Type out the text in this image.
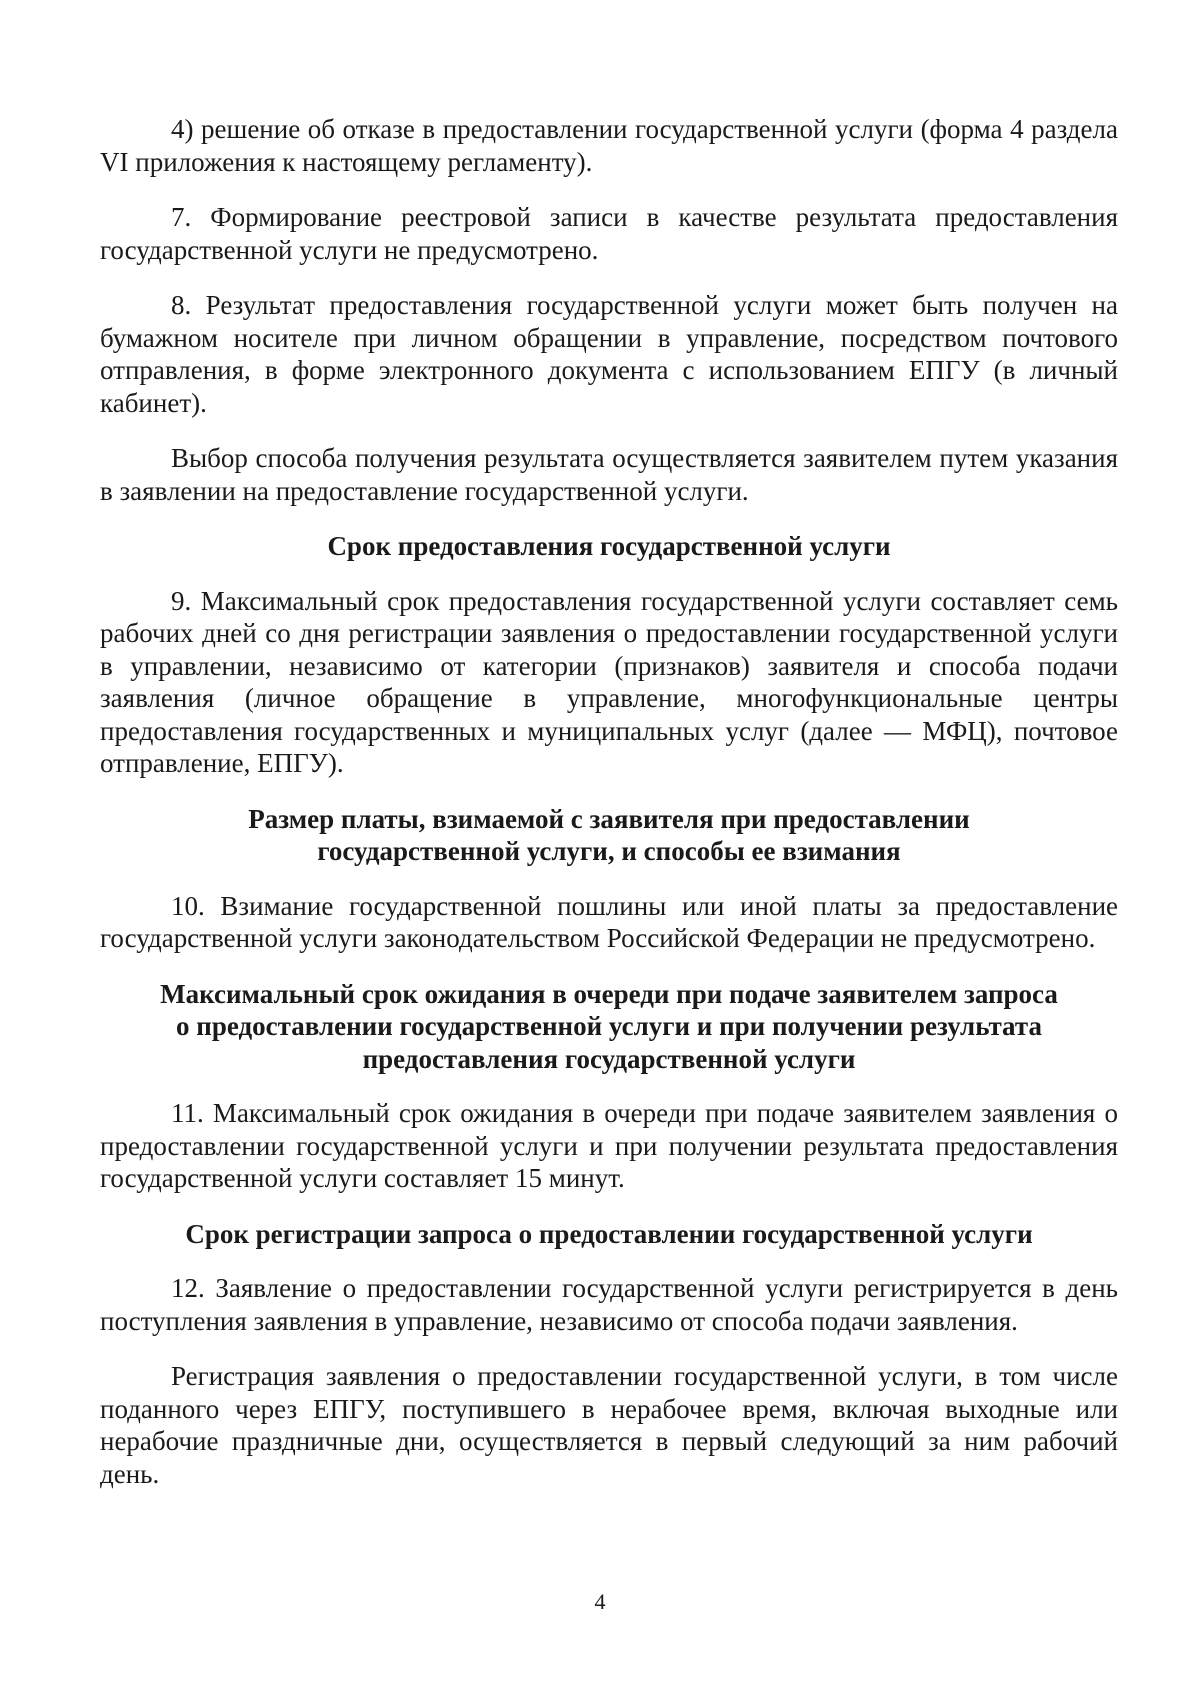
4) решение об отказе в предоставлении государственной услуги (форма 4 раздела VI приложения к настоящему регламенту).

7. Формирование реестровой записи в качестве результата предоставления государственной услуги не предусмотрено.

8. Результат предоставления государственной услуги может быть получен на бумажном носителе при личном обращении в управление, посредством почтового отправления, в форме электронного документа с использованием ЕПГУ (в личный кабинет).

Выбор способа получения результата осуществляется заявителем путем указания в заявлении на предоставление государственной услуги.

Срок предоставления государственной услуги

9. Максимальный срок предоставления государственной услуги составляет семь рабочих дней со дня регистрации заявления о предоставлении государственной услуги в управлении, независимо от категории (признаков) заявителя и способа подачи заявления (личное обращение в управление, многофункциональные центры предоставления государственных и муниципальных услуг (далее — МФЦ), почтовое отправление, ЕПГУ).

Размер платы, взимаемой с заявителя при предоставлении
государственной услуги, и способы ее взимания

10. Взимание государственной пошлины или иной платы за предоставление государственной услуги законодательством Российской Федерации не предусмотрено.

Максимальный срок ожидания в очереди при подаче заявителем запроса
о предоставлении государственной услуги и при получении результата
предоставления государственной услуги

11. Максимальный срок ожидания в очереди при подаче заявителем заявления о предоставлении государственной услуги и при получении результата предоставления государственной услуги составляет 15 минут.

Срок регистрации запроса о предоставлении государственной услуги

12. Заявление о предоставлении государственной услуги регистрируется в день поступления заявления в управление, независимо от способа подачи заявления.

Регистрация заявления о предоставлении государственной услуги, в том числе поданного через ЕПГУ, поступившего в нерабочее время, включая выходные или нерабочие праздничные дни, осуществляется в первый следующий за ним рабочий день.

4
